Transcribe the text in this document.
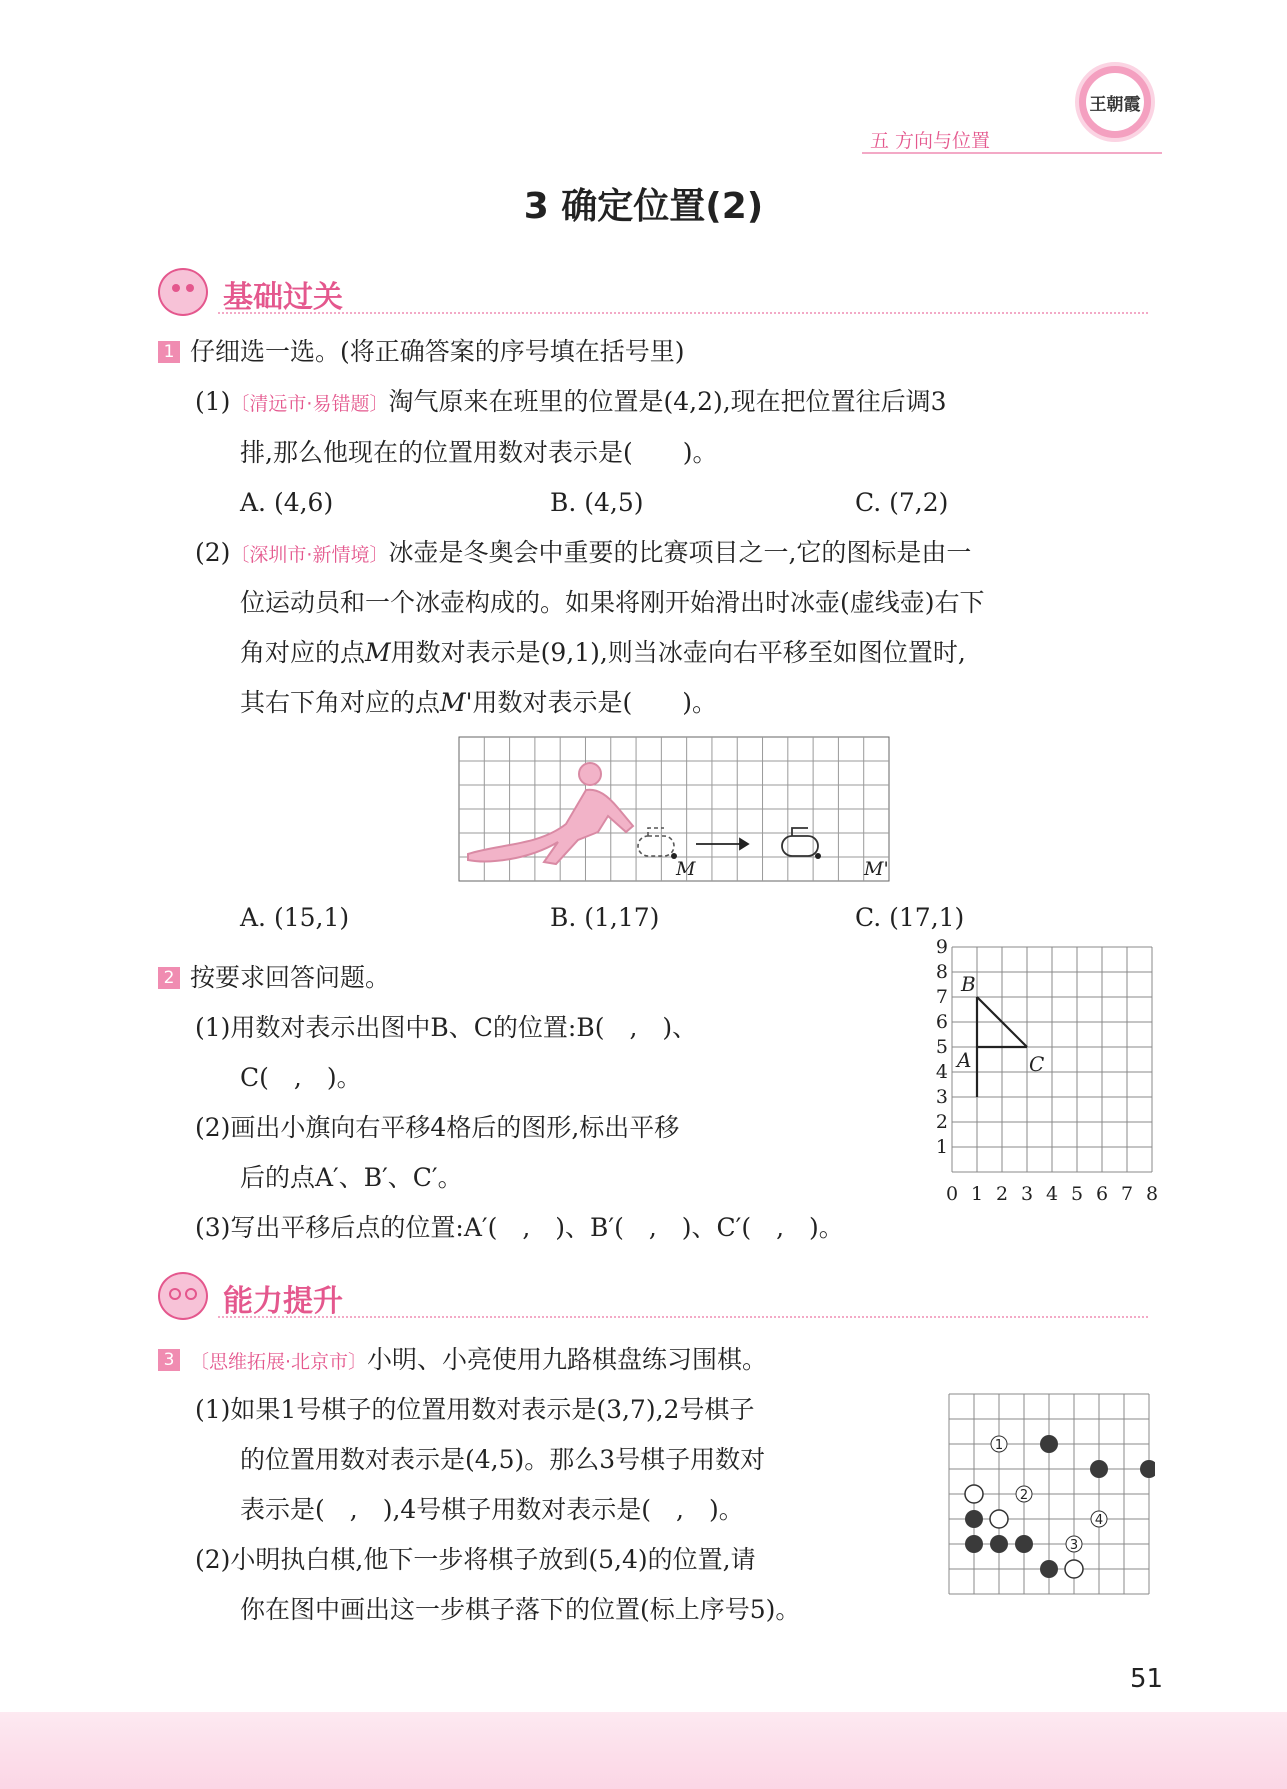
五 方向与位置
王朝霞
3 确定位置(2)
基础过关
1 仔细选一选。(将正确答案的序号填在括号里)
(1)〔清远市·易错题〕淘气原来在班里的位置是(4,2),现在把位置往后调3
排,那么他现在的位置用数对表示是(　　)。
A. (4,6)	B. (4,5)	C. (7,2)
(2)〔深圳市·新情境〕冰壶是冬奥会中重要的比赛项目之一,它的图标是由一
位运动员和一个冰壶构成的。如果将刚开始滑出时冰壶(虚线壶)右下
角对应的点M用数对表示是(9,1),则当冰壶向右平移至如图位置时,
其右下角对应的点M'用数对表示是(　　)。
M	M'
A. (15,1)	B. (1,17)	C. (17,1)
2 按要求回答问题。
(1)用数对表示出图中B、C的位置:B(　,　)、
C(　,　)。
(2)画出小旗向右平移4格后的图形,标出平移
后的点A′、B′、C′。
(3)写出平移后点的位置:A′(　,　)、B′(　,　)、C′(　,　)。
0 1 2 3 4 5 6 7 8
1
2
3
4
5
6
7
8
9
B
A	C
能力提升
3 〔思维拓展·北京市〕小明、小亮使用九路棋盘练习围棋。
(1)如果1号棋子的位置用数对表示是(3,7),2号棋子
的位置用数对表示是(4,5)。那么3号棋子用数对
表示是(　,　),4号棋子用数对表示是(　,　)。
(2)小明执白棋,他下一步将棋子放到(5,4)的位置,请
你在图中画出这一步棋子落下的位置(标上序号5)。
1
2
3
4
51
